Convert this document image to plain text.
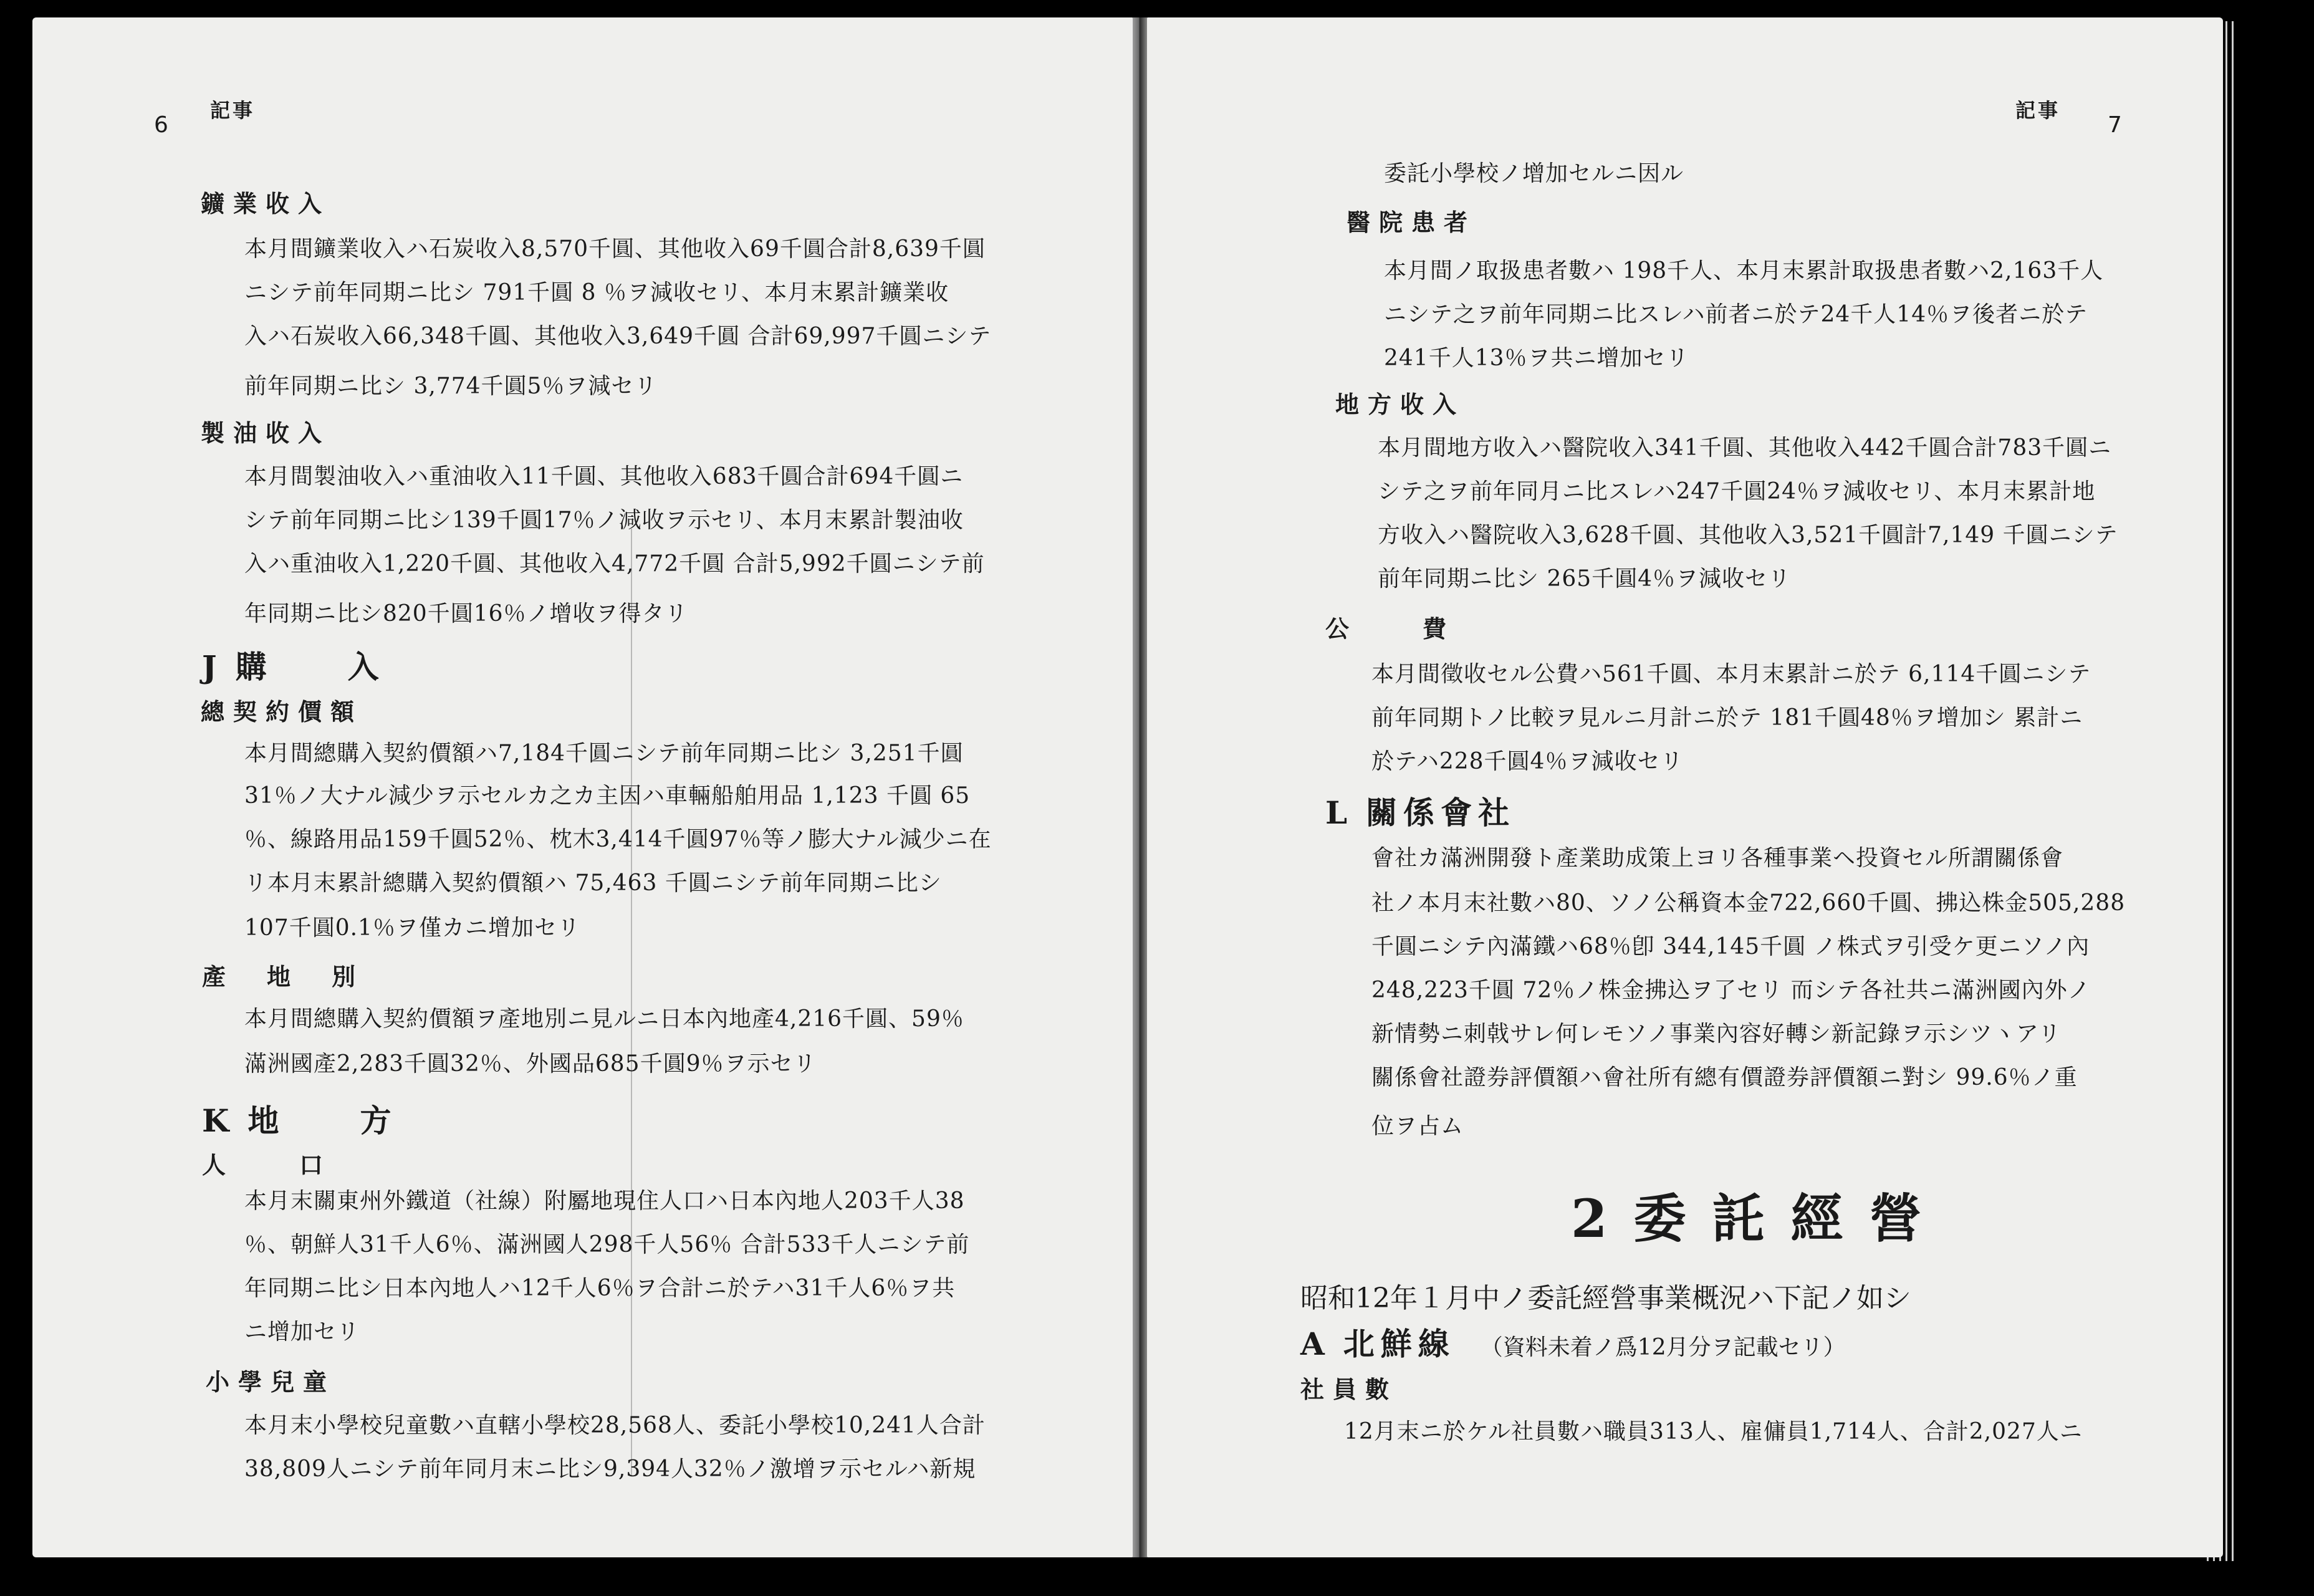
6
記事
鑛業收入
本月間鑛業收入ハ石炭收入8,570千圓、其他收入69千圓合計8,639千圓
ニシテ前年同期ニ比シ 791千圓 8 ％ヲ減收セリ、本月末累計鑛業收
入ハ石炭收入66,348千圓、其他收入3,649千圓 合計69,997千圓ニシテ
前年同期ニ比シ 3,774千圓5％ヲ減セリ
製油收入
本月間製油收入ハ重油收入11千圓、其他收入683千圓合計694千圓ニ
シテ前年同期ニ比シ139千圓17％ノ減收ヲ示セリ、本月末累計製油收
入ハ重油收入1,220千圓、其他收入4,772千圓 合計5,992千圓ニシテ前
年同期ニ比シ820千圓16％ノ增收ヲ得タリ
J 購　　入
總契約價額
本月間總購入契約價額ハ7,184千圓ニシテ前年同期ニ比シ 3,251千圓
31％ノ大ナル減少ヲ示セルカ之カ主因ハ車輛船舶用品 1,123 千圓 65
％、線路用品159千圓52％、枕木3,414千圓97％等ノ膨大ナル減少ニ在
リ本月末累計總購入契約價額ハ 75,463 千圓ニシテ前年同期ニ比シ
107千圓0.1％ヲ僅カニ增加セリ
產　地　別
本月間總購入契約價額ヲ產地別ニ見ルニ日本內地產4,216千圓、59％
滿洲國產2,283千圓32％、外國品685千圓9％ヲ示セリ
K 地　　方
人　　口
本月末關東州外鐵道（社線）附屬地現住人口ハ日本內地人203千人38
％、朝鮮人31千人6％、滿洲國人298千人56％ 合計533千人ニシテ前
年同期ニ比シ日本內地人ハ12千人6％ヲ合計ニ於テハ31千人6％ヲ共
ニ增加セリ
小學兒童
本月末小學校兒童數ハ直轄小學校28,568人、委託小學校10,241人合計
38,809人ニシテ前年同月末ニ比シ9,394人32％ノ激增ヲ示セルハ新規
7
記事
委託小學校ノ增加セルニ因ル
醫院患者
本月間ノ取扱患者數ハ 198千人、本月末累計取扱患者數ハ2,163千人
ニシテ之ヲ前年同期ニ比スレハ前者ニ於テ24千人14％ヲ後者ニ於テ
241千人13％ヲ共ニ增加セリ
地方收入
本月間地方收入ハ醫院收入341千圓、其他收入442千圓合計783千圓ニ
シテ之ヲ前年同月ニ比スレハ247千圓24％ヲ減收セリ、本月末累計地
方收入ハ醫院收入3,628千圓、其他收入3,521千圓計7,149 千圓ニシテ
前年同期ニ比シ 265千圓4％ヲ減收セリ
公　　費
本月間徵收セル公費ハ561千圓、本月末累計ニ於テ 6,114千圓ニシテ
前年同期トノ比較ヲ見ルニ月計ニ於テ 181千圓48％ヲ增加シ 累計ニ
於テハ228千圓4％ヲ減收セリ
L 關係會社
會社カ滿洲開發ト產業助成策上ヨリ各種事業ヘ投資セル所謂關係會
社ノ本月末社數ハ80、ソノ公稱資本金722,660千圓、拂込株金505,288
千圓ニシテ內滿鐵ハ68％卽 344,145千圓 ノ株式ヲ引受ケ更ニソノ內
248,223千圓 72％ノ株金拂込ヲ了セリ 而シテ各社共ニ滿洲國內外ノ
新情勢ニ刺戟サレ何レモソノ事業內容好轉シ新記錄ヲ示シツヽアリ
關係會社證券評價額ハ會社所有總有價證券評價額ニ對シ 99.6％ノ重
位ヲ占ム
2委託經營
昭和12年１月中ノ委託經營事業概況ハ下記ノ如シ
A 北鮮線 （資料未着ノ爲12月分ヲ記載セリ）
社員數
12月末ニ於ケル社員數ハ職員313人、雇傭員1,714人、合計2,027人ニ
